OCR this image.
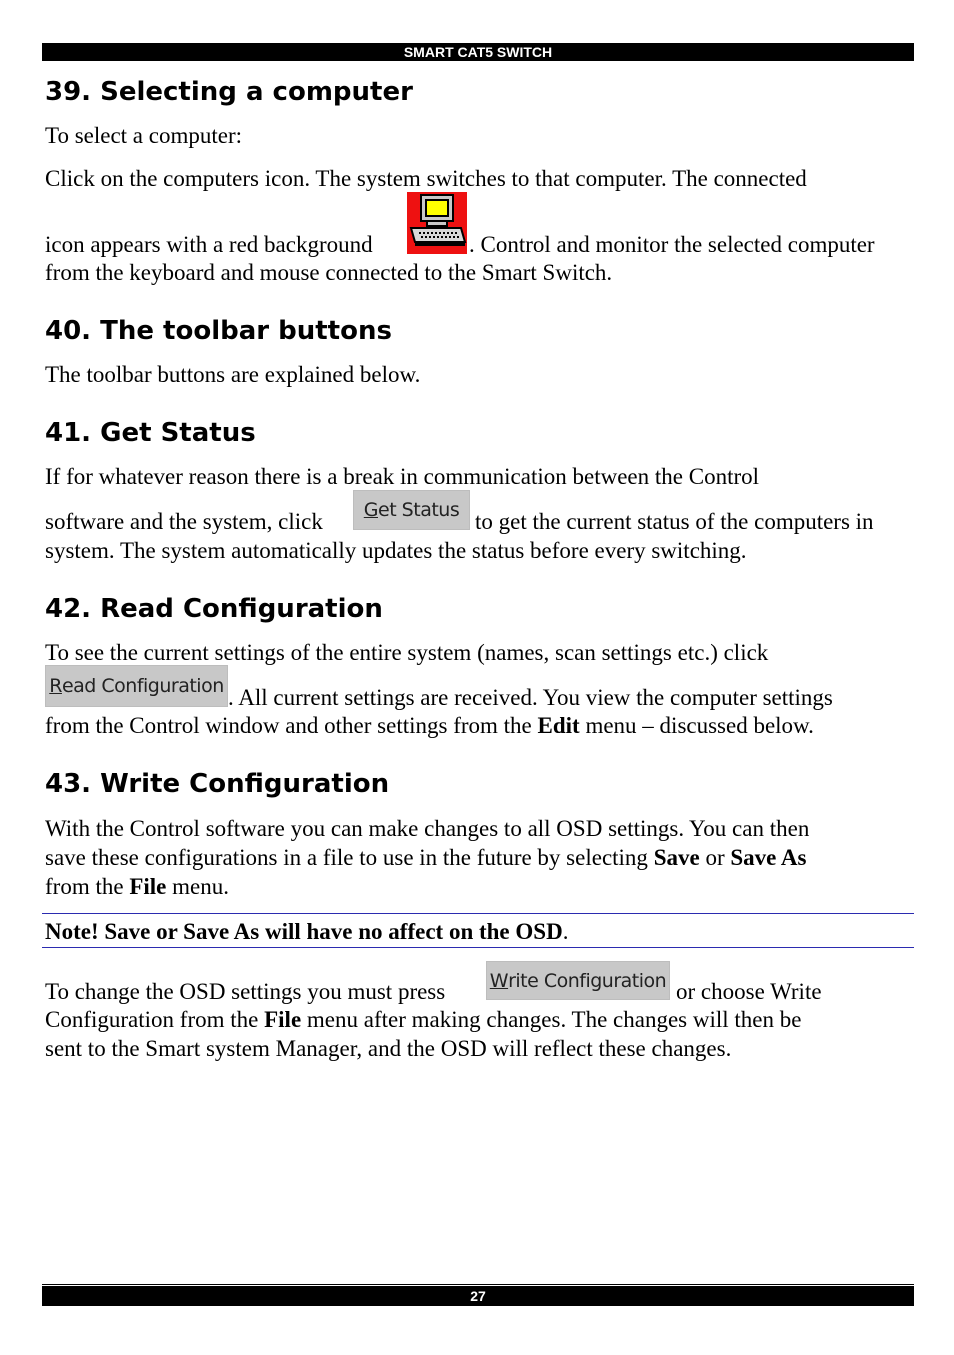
SMART CAT5 SWITCH
39. Selecting a computer

To select a computer:

Click on the computers icon. The system switches to that computer. The connected

icon appears with a red background	. Control and monitor the selected computer

from the keyboard and mouse connected to the Smart Switch.

40. The toolbar buttons

The toolbar buttons are explained below.

41. Get Status

If for whatever reason there is a break in communication between the Control

software and the system, click G et Status to get the current status of the computers in

system. The system automatically updates the status before every switching.

42. Read Configuration

To see the current settings of the entire system (names, scan settings etc.) click

R ead Configuration . All current settings are received. You view the computer settings

from the Control window and other settings from the Edit menu – discussed below.

43. Write Configuration

With the Control software you can make changes to all OSD settings. You can then

save these configurations in a file to use in the future by selecting Save or Save As

from the File menu.

Note! Save or Save As will have no affect on the OSD.

To change the OSD settings you must press W rite Configuration or choose Write

Configuration from the File menu after making changes. The changes will then be

sent to the Smart system Manager, and the OSD will reflect these changes.

27
